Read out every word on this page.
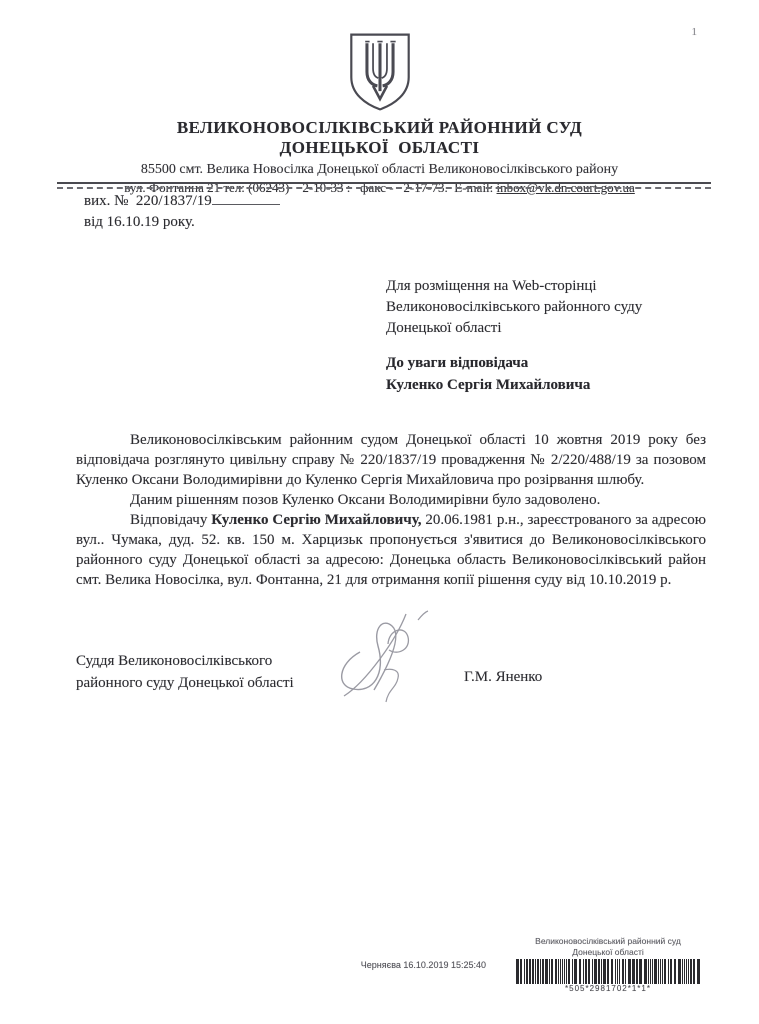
1
ВЕЛИКОНОВОСІЛКІВСЬКИЙ РАЙОННИЙ СУД
ДОНЕЦЬКОЇ  ОБЛАСТІ
85500 смт. Велика Новосілка Донецької області Великоновосілківського району
вул. Фонтанна 21 тел: (06243)    2-10-33 :   факс -   2-17-73.  E-mail: inbox@vk.dn.court.gov.ua
вих. №  220/1837/19
від 16.10.19 року.
Для розміщення на Web-сторінці
Великоновосілківського районного суду
Донецької області
До уваги відповідача
Куленко Сергія Михайловича

Великоновосілківським районним судом Донецької області 10 жовтня 2019 року без відповідача розглянуто цивільну справу № 220/1837/19 провадження № 2/220/488/19 за позовом Куленко Оксани Володимирівни до Куленко Сергія Михайловича про розірвання шлюбу.

Даним рішенням позов Куленко Оксани Володимирівни було задоволено.

Відповідачу Куленко Сергію Михайловичу, 20.06.1981 р.н., зареєстрованого за адресою вул.. Чумака, дуд. 52. кв. 150 м. Харцизьк пропонується з'явитися до Великоновосілківського районного суду Донецької області за адресою: Донецька область Великоновосілківський район смт. Велика Новосілка, вул. Фонтанна, 21 для отримання копії рішення суду від 10.10.2019 р.

Суддя Великоновосілківського
районного суду Донецької області	Г.М. Яненко
Черняєва 16.10.2019 15:25:40
Великоновосілківський районний суд
Донецької області
*505*2981702*1*1*
